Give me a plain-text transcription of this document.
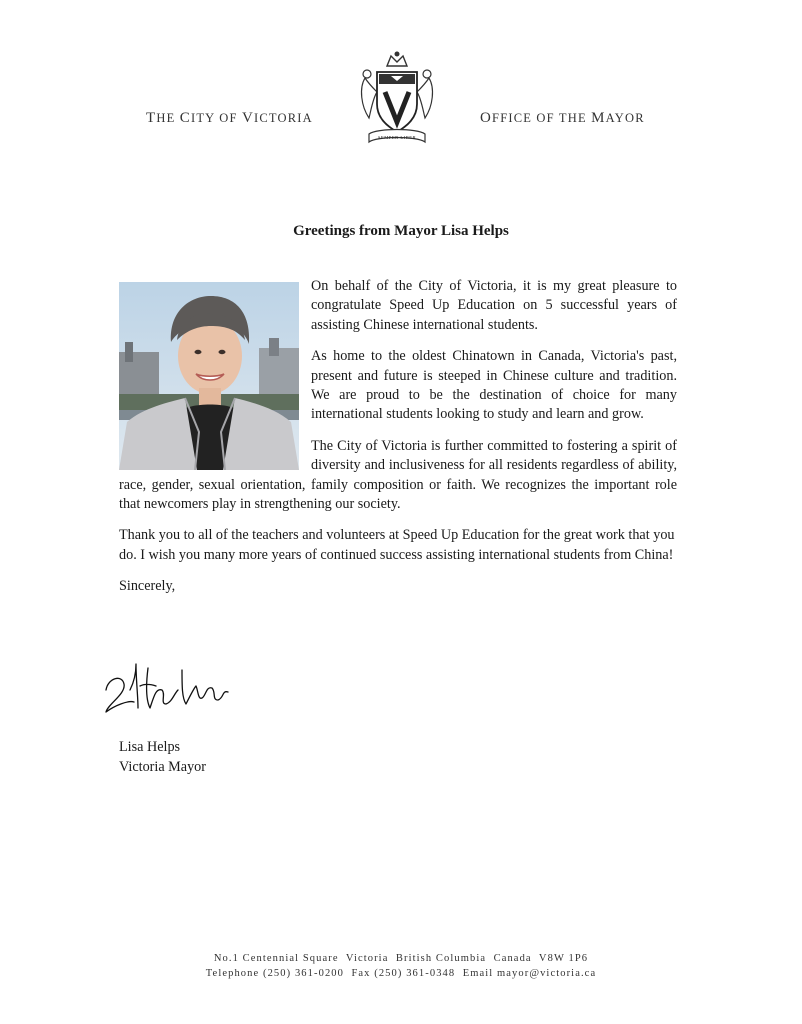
THE CITY OF VICTORIA
SEMPER LIBER
OFFICE OF THE MAYOR
Greetings from Mayor Lisa Helps

On behalf of the City of Victoria, it is my great pleasure to congratulate Speed Up Education on 5 successful years of assisting Chinese international students.

As home to the oldest Chinatown in Canada, Victoria's past, present and future is steeped in Chinese culture and tradition. We are proud to be the destination of choice for many international students looking to study and learn and grow.

The City of Victoria is further committed to fostering a spirit of diversity and inclusiveness for all residents regardless of ability, race, gender, sexual orientation, family composition or faith. We recognizes the important role that newcomers play in strengthening our society.

Thank you to all of the teachers and volunteers at Speed Up Education for the great work that you do. I wish you many more years of continued success assisting international students from China!

Sincerely,

Lisa Helps
Victoria Mayor
No.1 Centennial Square  Victoria  British Columbia  Canada  V8W 1P6
Telephone (250) 361-0200  Fax (250) 361-0348  Email mayor@victoria.ca
